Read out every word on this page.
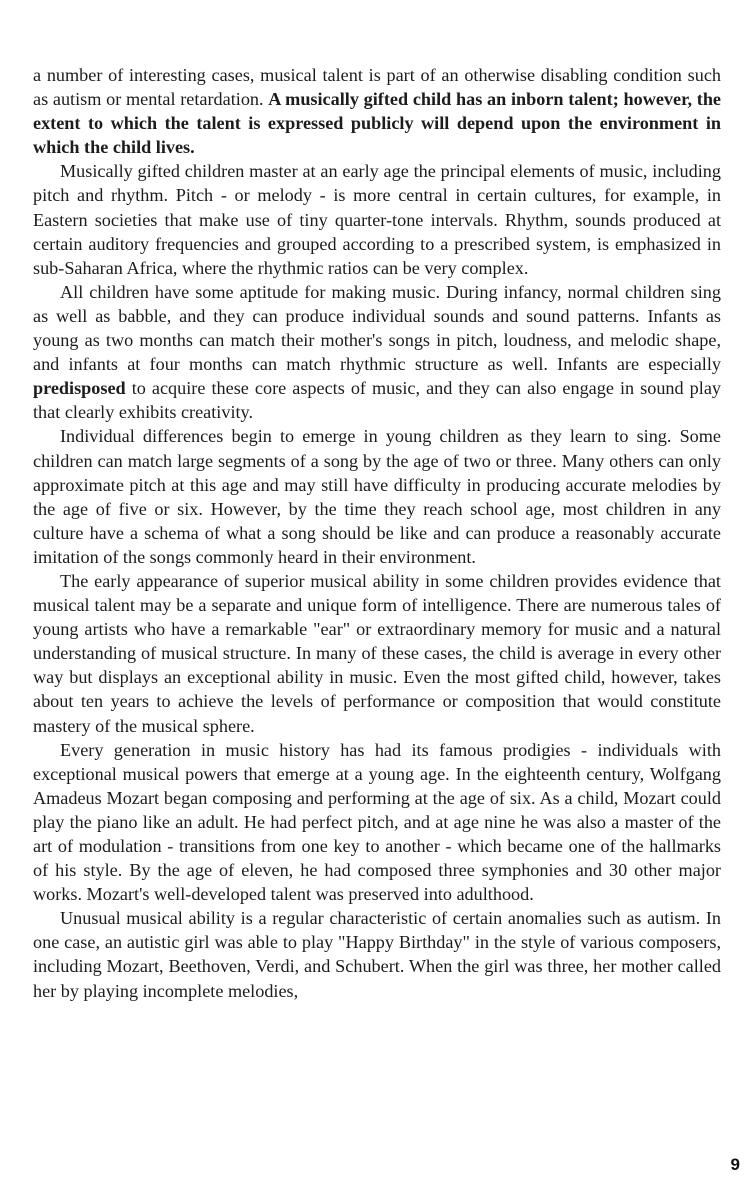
a number of interesting cases, musical talent is part of an otherwise disabling condition such as autism or mental retardation. A musically gifted child has an inborn talent; however, the extent to which the talent is expressed publicly will depend upon the environment in which the child lives.

Musically gifted children master at an early age the principal elements of music, including pitch and rhythm. Pitch - or melody - is more central in certain cultures, for example, in Eastern societies that make use of tiny quarter-tone intervals. Rhythm, sounds produced at certain auditory frequencies and grouped according to a prescribed system, is emphasized in sub-Saharan Africa, where the rhythmic ratios can be very complex.

All children have some aptitude for making music. During infancy, normal children sing as well as babble, and they can produce individual sounds and sound patterns. Infants as young as two months can match their mother's songs in pitch, loudness, and melodic shape, and infants at four months can match rhythmic structure as well. Infants are especially predisposed to acquire these core aspects of music, and they can also engage in sound play that clearly exhibits creativity.

Individual differences begin to emerge in young children as they learn to sing. Some children can match large segments of a song by the age of two or three. Many others can only approximate pitch at this age and may still have difficulty in producing accurate melodies by the age of five or six. However, by the time they reach school age, most children in any culture have a schema of what a song should be like and can produce a reasonably accurate imitation of the songs commonly heard in their environment.

The early appearance of superior musical ability in some children provides evidence that musical talent may be a separate and unique form of intelligence. There are numerous tales of young artists who have a remarkable "ear" or extraordinary memory for music and a natural understanding of musical structure. In many of these cases, the child is average in every other way but displays an exceptional ability in music. Even the most gifted child, however, takes about ten years to achieve the levels of performance or composition that would constitute mastery of the musical sphere.

Every generation in music history has had its famous prodigies - individuals with exceptional musical powers that emerge at a young age. In the eighteenth century, Wolfgang Amadeus Mozart began composing and performing at the age of six. As a child, Mozart could play the piano like an adult. He had perfect pitch, and at age nine he was also a master of the art of modulation - transitions from one key to another - which became one of the hallmarks of his style. By the age of eleven, he had composed three symphonies and 30 other major works. Mozart's well-developed talent was preserved into adulthood.

Unusual musical ability is a regular characteristic of certain anomalies such as autism. In one case, an autistic girl was able to play "Happy Birthday" in the style of various composers, including Mozart, Beethoven, Verdi, and Schubert. When the girl was three, her mother called her by playing incomplete melodies,

9
